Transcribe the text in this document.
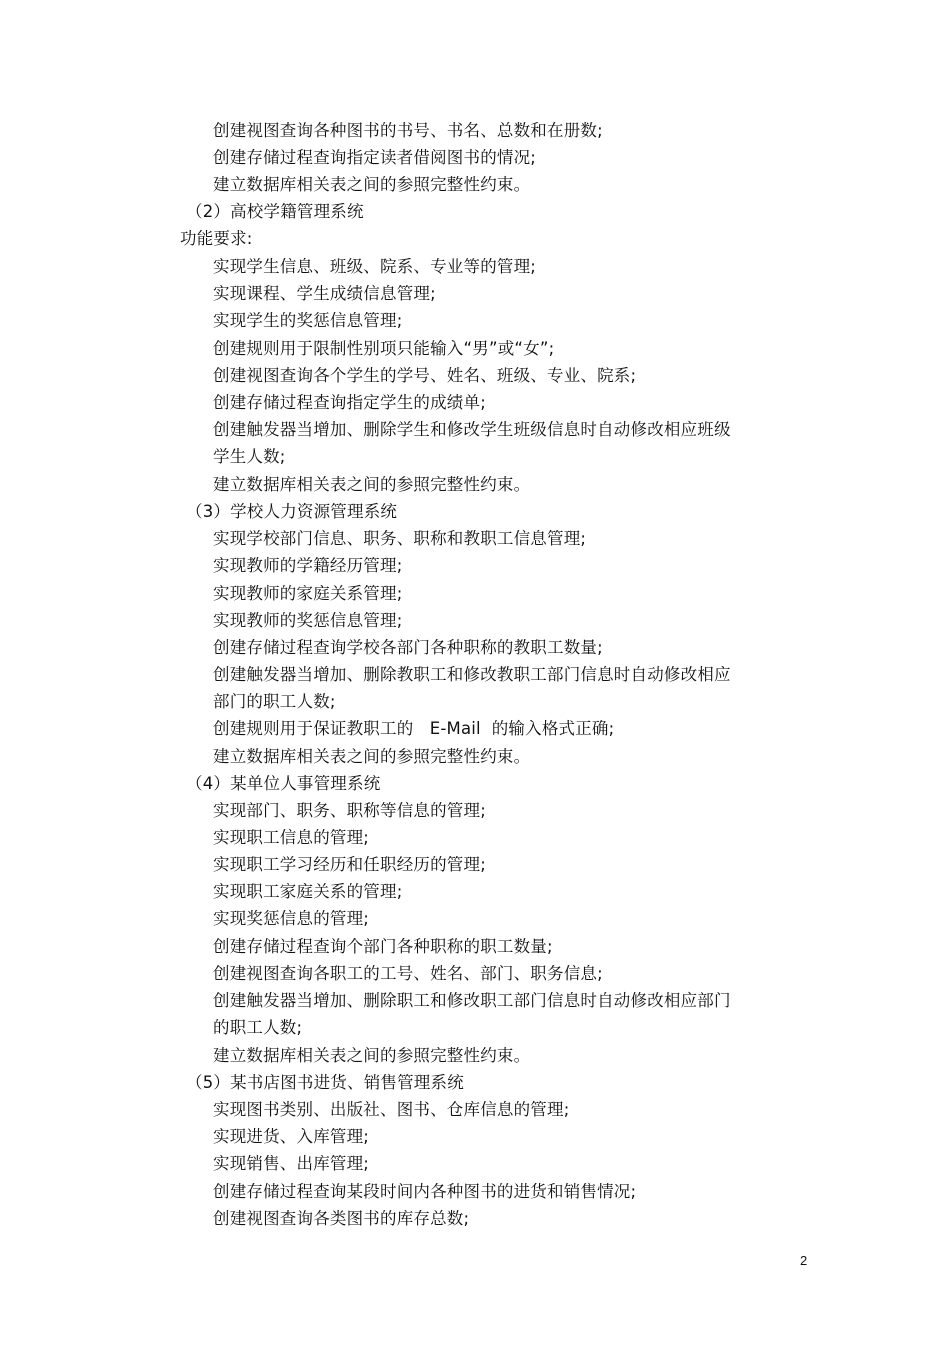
创建视图查询各种图书的书号、书名、总数和在册数;
创建存储过程查询指定读者借阅图书的情况;
建立数据库相关表之间的参照完整性约束。
（2）高校学籍管理系统
功能要求:
实现学生信息、班级、院系、专业等的管理;
实现课程、学生成绩信息管理;
实现学生的奖惩信息管理;
创建规则用于限制性别项只能输入“男”或“女”;
创建视图查询各个学生的学号、姓名、班级、专业、院系;
创建存储过程查询指定学生的成绩单;
创建触发器当增加、删除学生和修改学生班级信息时自动修改相应班级
学生人数;
建立数据库相关表之间的参照完整性约束。
（3）学校人力资源管理系统
实现学校部门信息、职务、职称和教职工信息管理;
实现教师的学籍经历管理;
实现教师的家庭关系管理;
实现教师的奖惩信息管理;
创建存储过程查询学校各部门各种职称的教职工数量;
创建触发器当增加、删除教职工和修改教职工部门信息时自动修改相应
部门的职工人数;
创建规则用于保证教职工的   E-Mail  的输入格式正确;
建立数据库相关表之间的参照完整性约束。
（4）某单位人事管理系统
实现部门、职务、职称等信息的管理;
实现职工信息的管理;
实现职工学习经历和任职经历的管理;
实现职工家庭关系的管理;
实现奖惩信息的管理;
创建存储过程查询个部门各种职称的职工数量;
创建视图查询各职工的工号、姓名、部门、职务信息;
创建触发器当增加、删除职工和修改职工部门信息时自动修改相应部门
的职工人数;
建立数据库相关表之间的参照完整性约束。
（5）某书店图书进货、销售管理系统
实现图书类别、出版社、图书、仓库信息的管理;
实现进货、入库管理;
实现销售、出库管理;
创建存储过程查询某段时间内各种图书的进货和销售情况;
创建视图查询各类图书的库存总数;
2
